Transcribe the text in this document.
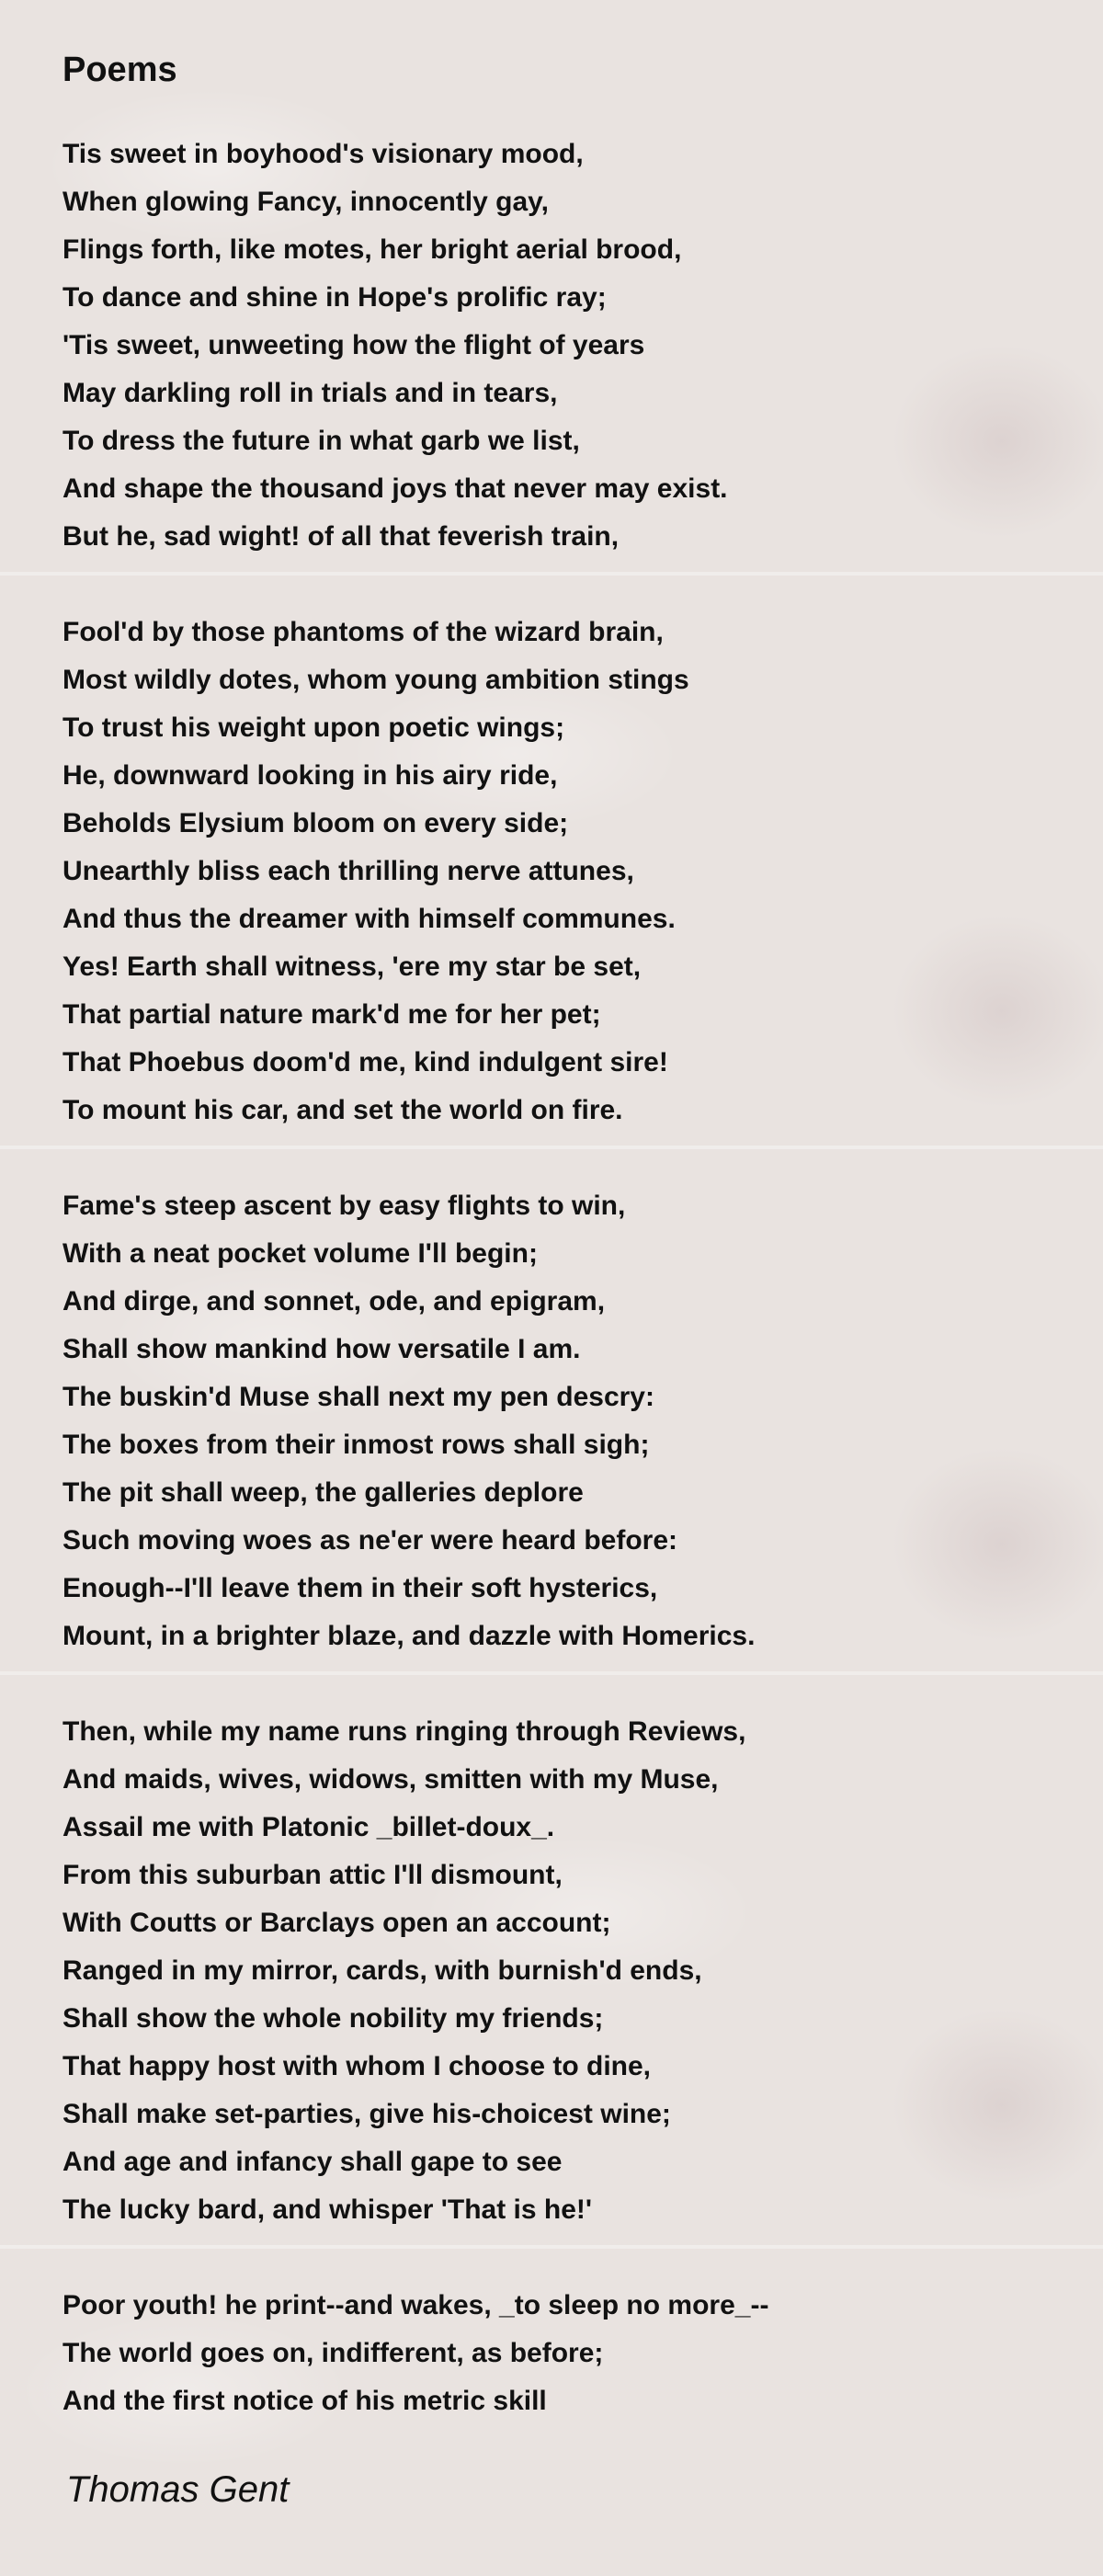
Poems
Tis sweet in boyhood's visionary mood,
When glowing Fancy, innocently gay,
Flings forth, like motes, her bright aerial brood,
To dance and shine in Hope's prolific ray;
'Tis sweet, unweeting how the flight of years
May darkling roll in trials and in tears,
To dress the future in what garb we list,
And shape the thousand joys that never may exist.
But he, sad wight! of all that feverish train,
Fool'd by those phantoms of the wizard brain,
Most wildly dotes, whom young ambition stings
To trust his weight upon poetic wings;
He, downward looking in his airy ride,
Beholds Elysium bloom on every side;
Unearthly bliss each thrilling nerve attunes,
And thus the dreamer with himself communes.
Yes! Earth shall witness, 'ere my star be set,
That partial nature mark'd me for her pet;
That Phoebus doom'd me, kind indulgent sire!
To mount his car, and set the world on fire.
Fame's steep ascent by easy flights to win,
With a neat pocket volume I'll begin;
And dirge, and sonnet, ode, and epigram,
Shall show mankind how versatile I am.
The buskin'd Muse shall next my pen descry:
The boxes from their inmost rows shall sigh;
The pit shall weep, the galleries deplore
Such moving woes as ne'er were heard before:
Enough--I'll leave them in their soft hysterics,
Mount, in a brighter blaze, and dazzle with Homerics.
Then, while my name runs ringing through Reviews,
And maids, wives, widows, smitten with my Muse,
Assail me with Platonic _billet-doux_.
From this suburban attic I'll dismount,
With Coutts or Barclays open an account;
Ranged in my mirror, cards, with burnish'd ends,
Shall show the whole nobility my friends;
That happy host with whom I choose to dine,
Shall make set-parties, give his-choicest wine;
And age and infancy shall gape to see
The lucky bard, and whisper 'That is he!'
Poor youth! he print--and wakes, _to sleep no more_--
The world goes on, indifferent, as before;
And the first notice of his metric skill
Thomas Gent
